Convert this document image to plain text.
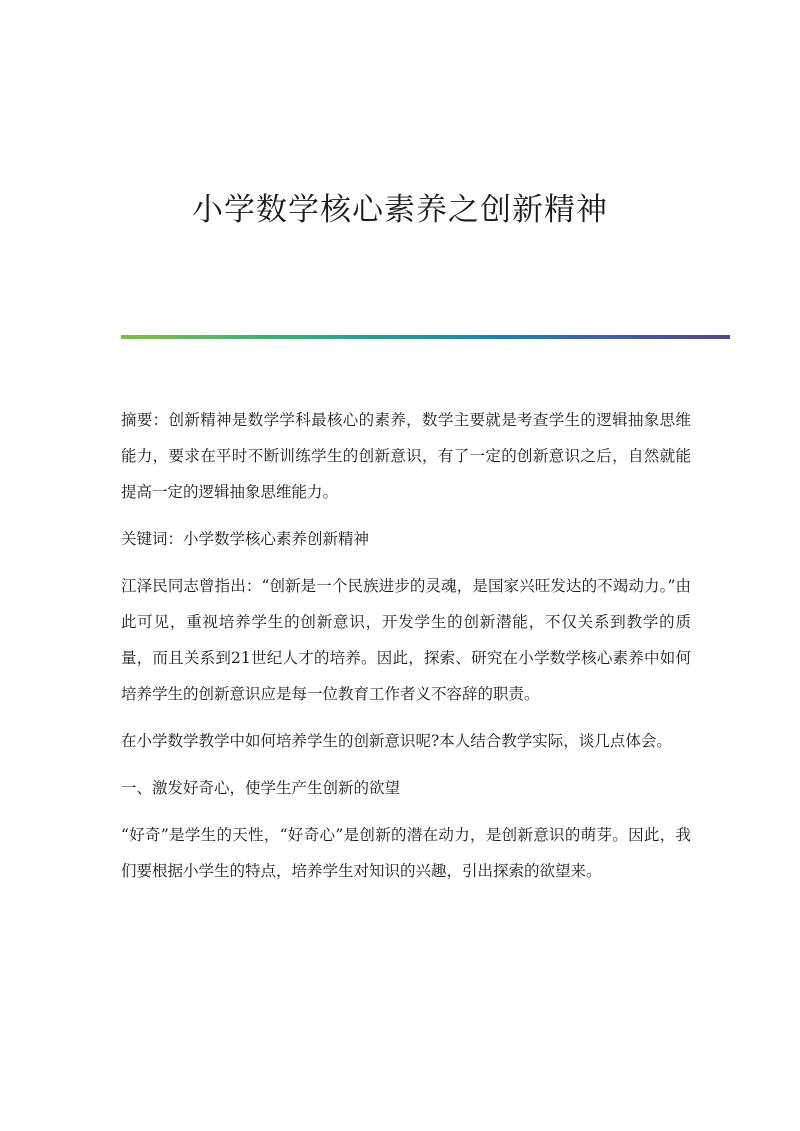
小学数学核心素养之创新精神

摘要：创新精神是数学学科最核心的素养，数学主要就是考查学生的逻辑抽象思维能力，要求在平时不断训练学生的创新意识，有了一定的创新意识之后，自然就能提高一定的逻辑抽象思维能力。

关键词：小学数学核心素养创新精神

江泽民同志曾指出：“创新是一个民族进步的灵魂，是国家兴旺发达的不竭动力。”由此可见，重视培养学生的创新意识，开发学生的创新潜能，不仅关系到教学的质量，而且关系到21世纪人才的培养。因此，探索、研究在小学数学核心素养中如何培养学生的创新意识应是每一位教育工作者义不容辞的职责。

在小学数学教学中如何培养学生的创新意识呢?本人结合教学实际，谈几点体会。

一、激发好奇心，使学生产生创新的欲望

“好奇”是学生的天性，“好奇心”是创新的潜在动力，是创新意识的萌芽。因此，我们要根据小学生的特点，培养学生对知识的兴趣，引出探索的欲望来。
